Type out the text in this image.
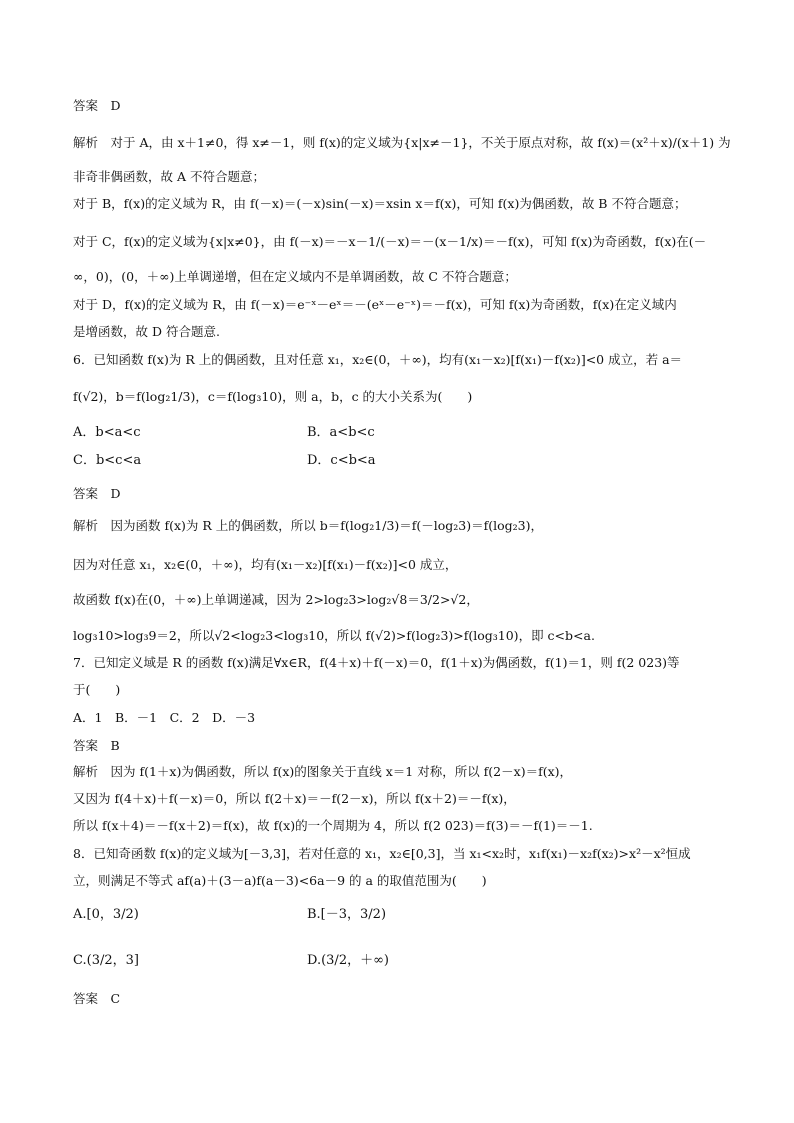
答案　D
解析　对于 A，由 x＋1≠0，得 x≠－1，则 f(x)的定义域为{x|x≠－1}，不关于原点对称，故 f(x)＝(x²＋x)/(x＋1) 为
非奇非偶函数，故 A 不符合题意；
对于 B，f(x)的定义域为 R，由 f(－x)＝(－x)sin(－x)＝xsin x＝f(x)，可知 f(x)为偶函数，故 B 不符合题意；
对于 C，f(x)的定义域为{x|x≠0}，由 f(－x)＝－x－1/(－x)＝－(x－1/x)＝－f(x)，可知 f(x)为奇函数，f(x)在(－
∞，0)，(0，＋∞)上单调递增，但在定义域内不是单调函数，故 C 不符合题意；
对于 D，f(x)的定义域为 R，由 f(－x)＝e⁻ˣ－eˣ＝－(eˣ－e⁻ˣ)＝－f(x)，可知 f(x)为奇函数，f(x)在定义域内
是增函数，故 D 符合题意.
6．已知函数 f(x)为 R 上的偶函数，且对任意 x₁，x₂∈(0，＋∞)，均有(x₁－x₂)[f(x₁)－f(x₂)]<0 成立，若 a＝
f(√2)，b＝f(log₂1/3)，c＝f(log₃10)，则 a，b，c 的大小关系为(　　)
答案　D
解析　因为函数 f(x)为 R 上的偶函数，所以 b＝f(log₂1/3)＝f(－log₂3)＝f(log₂3)，
因为对任意 x₁，x₂∈(0，＋∞)，均有(x₁－x₂)[f(x₁)－f(x₂)]<0 成立，
故函数 f(x)在(0，＋∞)上单调递减，因为 2>log₂3>log₂√8＝3/2>√2，
log₃10>log₃9＝2，所以√2<log₂3<log₃10，所以 f(√2)>f(log₂3)>f(log₃10)，即 c<b<a.
7．已知定义域是 R 的函数 f(x)满足∀x∈R，f(4＋x)＋f(－x)＝0，f(1＋x)为偶函数，f(1)＝1，则 f(2 023)等
于(　　)
A．1　B．－1　C．2　D．－3
答案　B
解析　因为 f(1＋x)为偶函数，所以 f(x)的图象关于直线 x＝1 对称，所以 f(2－x)＝f(x)，
又因为 f(4＋x)＋f(－x)＝0，所以 f(2＋x)＝－f(2－x)，所以 f(x＋2)＝－f(x)，
所以 f(x＋4)＝－f(x＋2)＝f(x)，故 f(x)的一个周期为 4，所以 f(2 023)＝f(3)＝－f(1)＝－1.
8．已知奇函数 f(x)的定义域为[－3,3]，若对任意的 x₁，x₂∈[0,3]，当 x₁<x₂时，x₁f(x₁)－x₂f(x₂)>x²－x²恒成
立，则满足不等式 af(a)＋(3－a)f(a－3)<6a－9 的 a 的取值范围为(　　)
答案　C
A．b<a<c	B．a<b<c
C．b<c<a	D．c<b<a
A.[0，3/2)	B.[－3，3/2)
C.(3/2，3]	D.(3/2，＋∞)
